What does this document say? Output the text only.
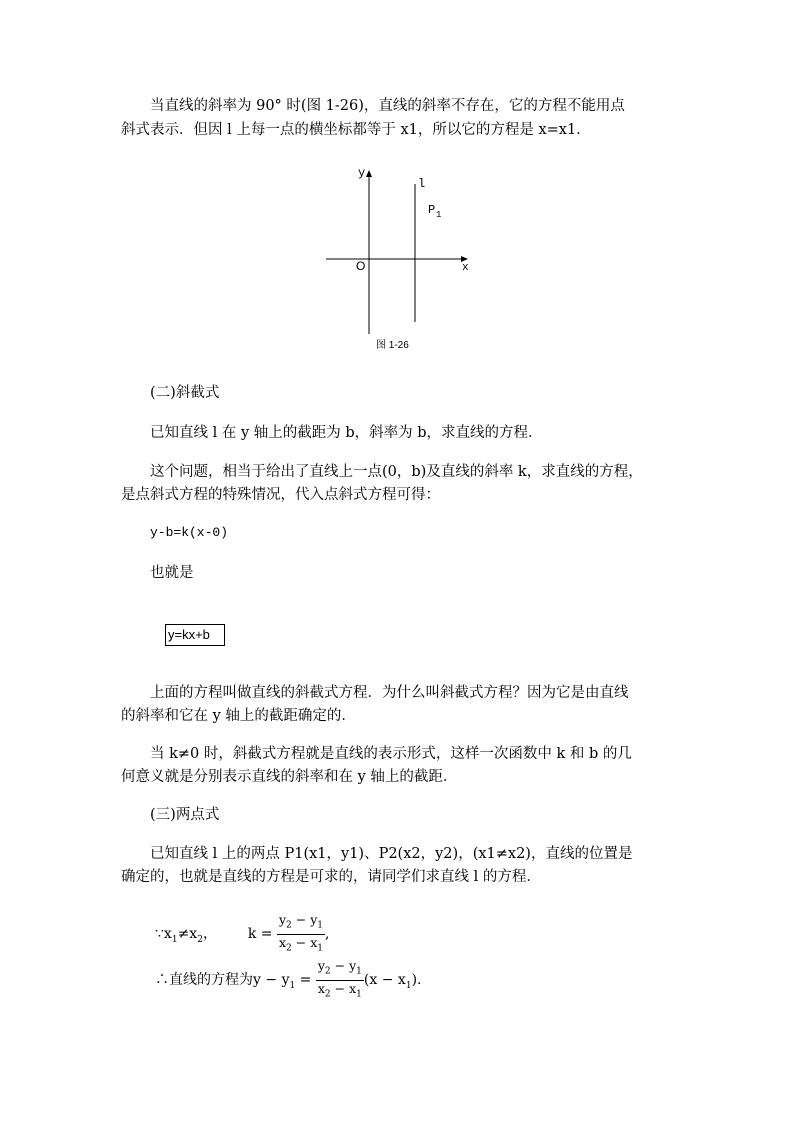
当直线的斜率为 90° 时(图 1-26)，直线的斜率不存在，它的方程不能用点
斜式表示．但因 l 上每一点的横坐标都等于 x1，所以它的方程是 x=x1．
y
x
O
l
P 1
图 1-26
(二)斜截式
已知直线 l 在 y 轴上的截距为 b，斜率为 b，求直线的方程．
这个问题，相当于给出了直线上一点(0，b)及直线的斜率 k，求直线的方程，
是点斜式方程的特殊情况，代入点斜式方程可得：
y-b=k(x-0)
也就是
y=kx+b
上面的方程叫做直线的斜截式方程．为什么叫斜截式方程？因为它是由直线
的斜率和它在 y 轴上的截距确定的．
当 k≠0 时，斜截式方程就是直线的表示形式，这样一次函数中 k 和 b 的几
何意义就是分别表示直线的斜率和在 y 轴上的截距．
(三)两点式
已知直线 l 上的两点 P1(x1，y1)、P2(x2，y2)，(x1≠x2)，直线的位置是
确定的，也就是直线的方程是可求的，请同学们求直线 l 的方程．
$\because x_1\ne x_2$， $k = \frac{y_2 - y_1}{x_2 - x_1}$ ,
∴直线的方程为$y - y_1 = \frac{y_2 - y_1}{x_2 - x_1} (x - x_1)$.
